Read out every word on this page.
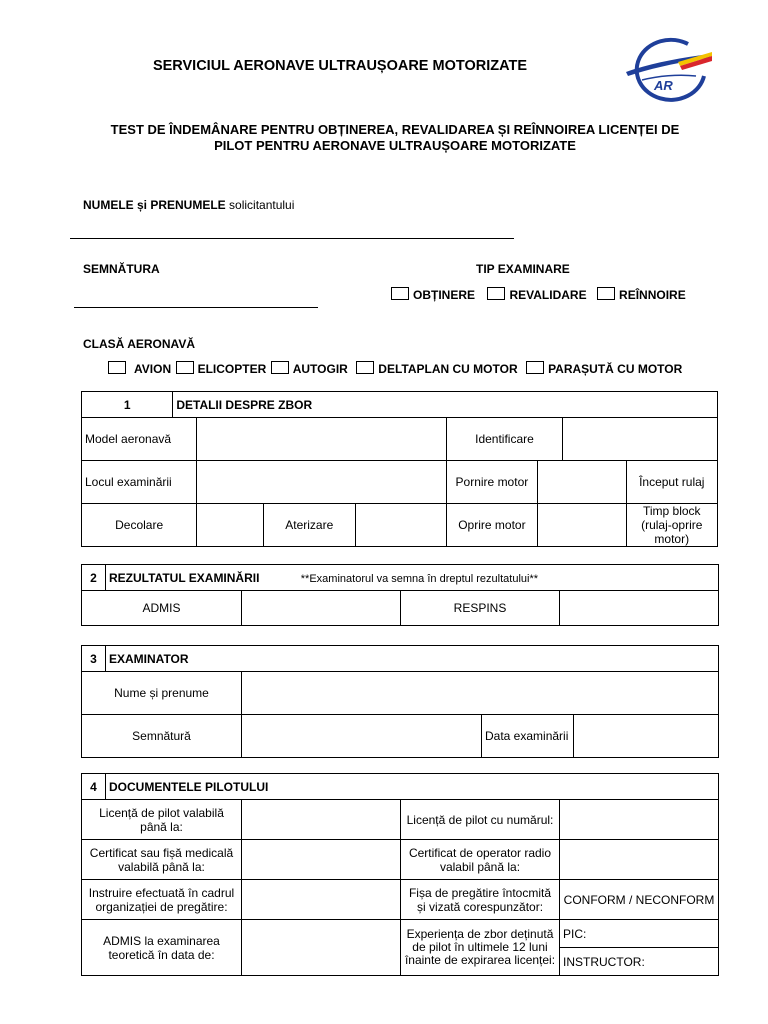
SERVICIUL AERONAVE ULTRAUȘOARE MOTORIZATE
AR
TEST DE ÎNDEMÂNARE PENTRU OBȚINEREA, REVALIDAREA ȘI REÎNNOIREA LICENȚEI DE
PILOT PENTRU AERONAVE ULTRAUȘOARE MOTORIZATE
NUMELE și PRENUMELE solicitantului
SEMNĂTURA	TIP EXAMINARE
OBȚINERE	REVALIDARE	REÎNNOIRE
CLASĂ AERONAVĂ
AVION ELICOPTER AUTOGIR	DELTAPLAN CU MOTOR	PARAȘUTĂ CU MOTOR
1	DETALII DESPRE ZBOR							
Model aeronavă					Identificare			
Locul examinării					Pornire motor			Început rulaj
Decolare			Aterizare		Oprire motor			Timp block (rulaj-oprire motor)
2	REZULTATUL EXAMINĂRII **Examinatorul va semna în dreptul rezultatului**			
ADMIS			RESPINS	
3	EXAMINATOR			
Nume și prenume				
Semnătură			Data examinării	
4	DOCUMENTELE PILOTULUI			
Licență de pilot valabilă până la:			Licență de pilot cu numărul:	
Certificat sau fișă medicală valabilă până la:			Certificat de operator radio valabil până la:	
Instruire efectuată în cadrul organizației de pregătire:			Fișa de pregătire întocmită și vizată corespunzător:	CONFORM / NECONFORM
ADMIS la examinarea teoretică în data de:			Experiența de zbor deținută de pilot în ultimele 12 luni înainte de expirarea licenței:	PIC:
				INSTRUCTOR:
